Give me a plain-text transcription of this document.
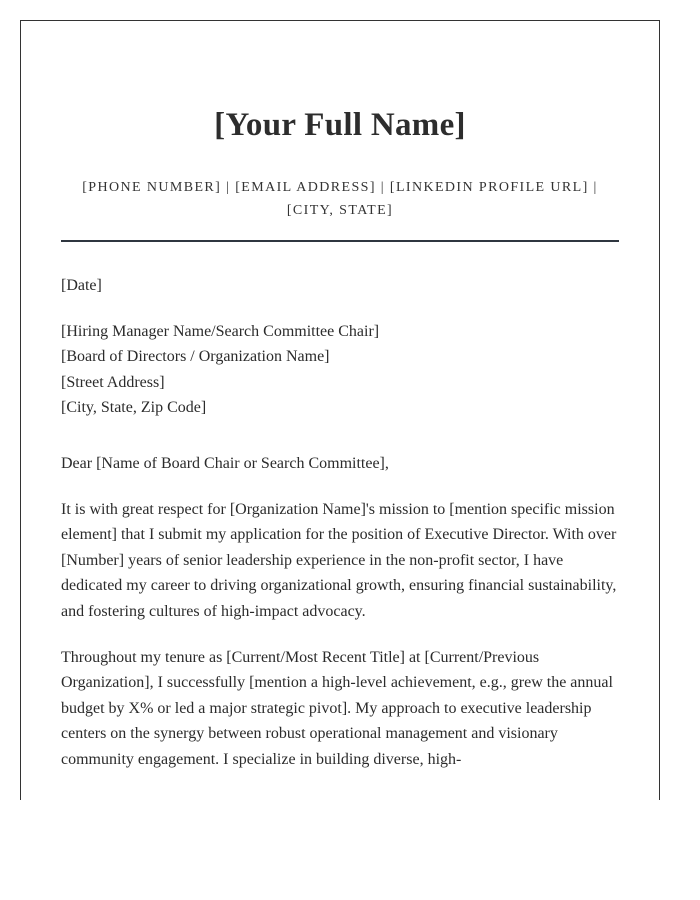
[Your Full Name]
[PHONE NUMBER] | [EMAIL ADDRESS] | [LINKEDIN PROFILE URL] | [CITY, STATE]

[Date]

[Hiring Manager Name/Search Committee Chair]
[Board of Directors / Organization Name]
[Street Address]
[City, State, Zip Code]

Dear [Name of Board Chair or Search Committee],

It is with great respect for [Organization Name]'s mission to [mention specific mission element] that I submit my application for the position of Executive Director. With over [Number] years of senior leadership experience in the non-profit sector, I have dedicated my career to driving organizational growth, ensuring financial sustainability, and fostering cultures of high-impact advocacy.

Throughout my tenure as [Current/Most Recent Title] at [Current/Previous Organization], I successfully [mention a high-level achievement, e.g., grew the annual budget by X% or led a major strategic pivot]. My approach to executive leadership centers on the synergy between robust operational management and visionary community engagement. I specialize in building diverse, high-
